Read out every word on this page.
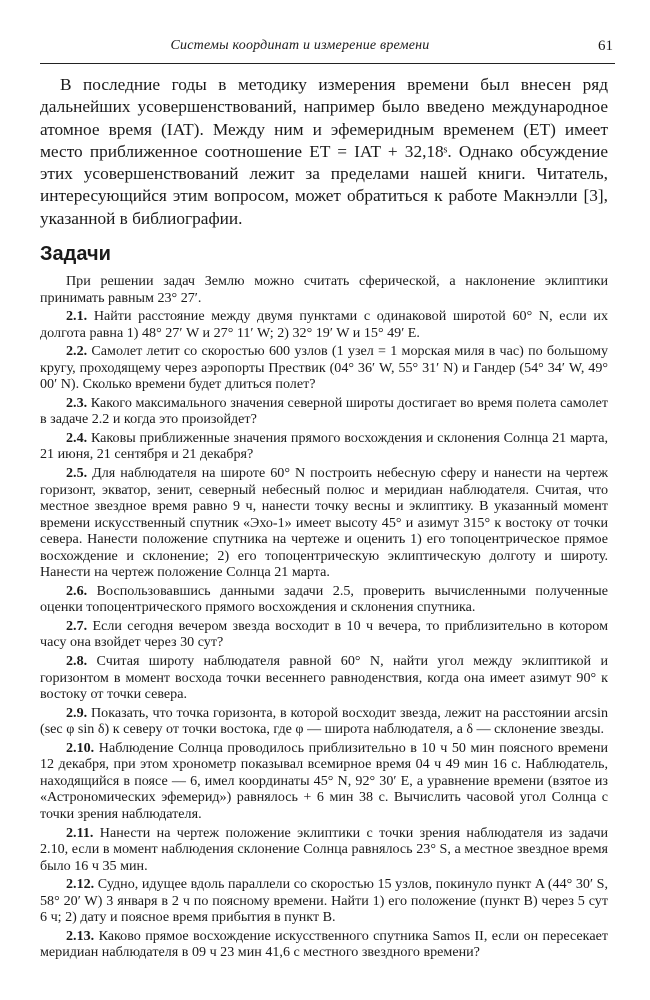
Системы координат и измерение времени	61

В последние годы в методику измерения времени был внесен ряд дальнейших усовершенствований, например было введено международное атомное время (IAT). Между ним и эфемеридным временем (ET) имеет место приближенное соотношение ET = IAT + 32,18ˢ. Однако обсуждение этих усовершенствований лежит за пределами нашей книги. Читатель, интересующийся этим вопросом, может обратиться к работе Макнэлли [3], указанной в библиографии.

Задачи

При решении задач Землю можно считать сферической, а наклонение эклиптики принимать равным 23° 27′.

2.1. Найти расстояние между двумя пунктами с одинаковой широтой 60° N, если их долгота равна 1) 48° 27′ W и 27° 11′ W; 2) 32° 19′ W и 15° 49′ E.

2.2. Самолет летит со скоростью 600 узлов (1 узел = 1 морская миля в час) по большому кругу, проходящему через аэропорты Прествик (04° 36′ W, 55° 31′ N) и Гандер (54° 34′ W, 49° 00′ N). Сколько времени будет длиться полет?

2.3. Какого максимального значения северной широты достигает во время полета самолет в задаче 2.2 и когда это произойдет?

2.4. Каковы приближенные значения прямого восхождения и склонения Солнца 21 марта, 21 июня, 21 сентября и 21 декабря?

2.5. Для наблюдателя на широте 60° N построить небесную сферу и нанести на чертеж горизонт, экватор, зенит, северный небесный полюс и меридиан наблюдателя. Считая, что местное звездное время равно 9 ч, нанести точку весны и эклиптику. В указанный момент времени искусственный спутник «Эхо-1» имеет высоту 45° и азимут 315° к востоку от точки севера. Нанести положение спутника на чертеже и оценить 1) его топоцентрическое прямое восхождение и склонение; 2) его топоцентрическую эклиптическую долготу и широту. Нанести на чертеж положение Солнца 21 марта.

2.6. Воспользовавшись данными задачи 2.5, проверить вычисленными полученные оценки топоцентрического прямого восхождения и склонения спутника.

2.7. Если сегодня вечером звезда восходит в 10 ч вечера, то приблизительно в котором часу она взойдет через 30 сут?

2.8. Считая широту наблюдателя равной 60° N, найти угол между эклиптикой и горизонтом в момент восхода точки весеннего равноденствия, когда она имеет азимут 90° к востоку от точки севера.

2.9. Показать, что точка горизонта, в которой восходит звезда, лежит на расстоянии arcsin (sec φ sin δ) к северу от точки востока, где φ — широта наблюдателя, а δ — склонение звезды.

2.10. Наблюдение Солнца проводилось приблизительно в 10 ч 50 мин поясного времени 12 декабря, при этом хронометр показывал всемирное время 04 ч 49 мин 16 с. Наблюдатель, находящийся в поясе — 6, имел координаты 45° N, 92° 30′ E, а уравнение времени (взятое из «Астрономических эфемерид») равнялось + 6 мин 38 с. Вычислить часовой угол Солнца с точки зрения наблюдателя.

2.11. Нанести на чертеж положение эклиптики с точки зрения наблюдателя из задачи 2.10, если в момент наблюдения склонение Солнца равнялось 23° S, а местное звездное время было 16 ч 35 мин.

2.12. Судно, идущее вдоль параллели со скоростью 15 узлов, покинуло пункт A (44° 30′ S, 58° 20′ W) 3 января в 2 ч по поясному времени. Найти 1) его положение (пункт B) через 5 сут 6 ч; 2) дату и поясное время прибытия в пункт B.

2.13. Каково прямое восхождение искусственного спутника Samos II, если он пересекает меридиан наблюдателя в 09 ч 23 мин 41,6 с местного звездного времени?
